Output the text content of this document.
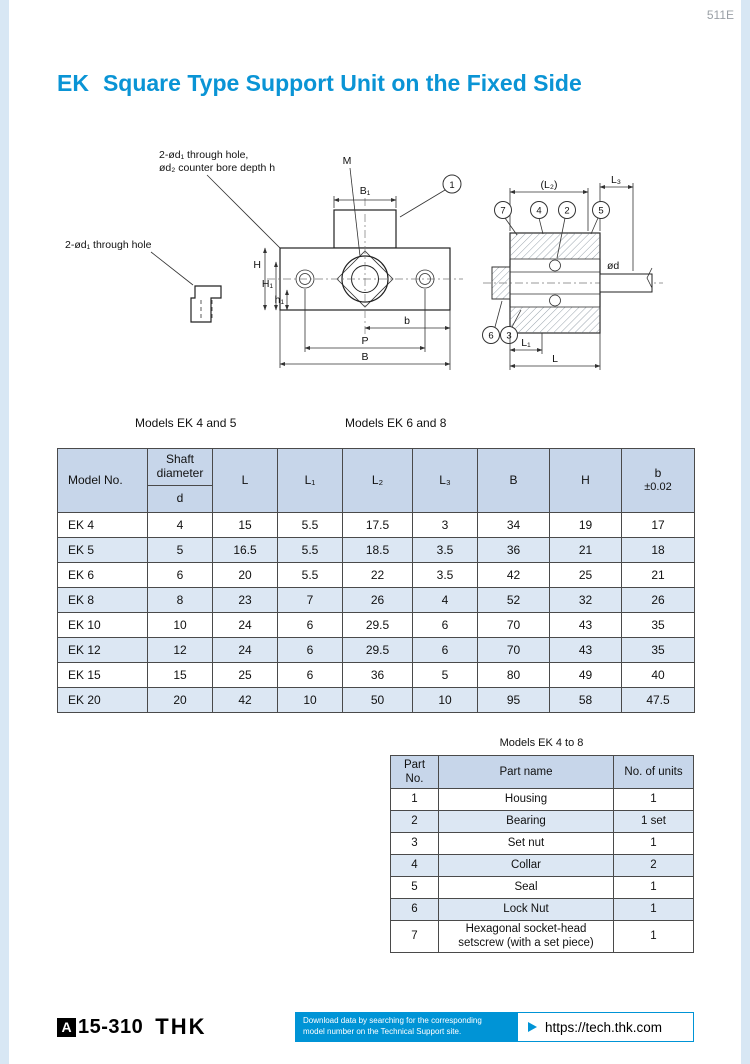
511E
EK Square Type Support Unit on the Fixed Side
2-ød₁ through hole
2-ød₁ through hole,
ød₂ counter bore depth h
B₁
M
1
H
H₁
h₁
b
P
B
ød
(L₂)	L₃
7	4 2	5
6 3
L₁
L
Models EK 4 and 5	Models EK 6 and 8
Model No.	Shaft diameter	L	L₁	L₂	L₃	B	H	b
±0.02

	d							
EK 4	4	15	5.5	17.5	3	34	19	17
EK 5	5	16.5	5.5	18.5	3.5	36	21	18
EK 6	6	20	5.5	22	3.5	42	25	21
EK 8	8	23	7	26	4	52	32	26
EK 10	10	24	6	29.5	6	70	43	35
EK 12	12	24	6	29.5	6	70	43	35
EK 15	15	25	6	36	5	80	49	40
EK 20	20	42	10	50	10	95	58	47.5
Models EK 4 to 8
Part No.	Part name	No. of units
1	Housing	1
2	Bearing	1 set
3	Set nut	1
4	Collar	2
5	Seal	1
6	Lock Nut	1
7	Hexagonal socket-head setscrew (with a set piece)	1
A 15-310 THK	Download data by searching for the corresponding
model number on the Technical Support site.	https://tech.thk.com
